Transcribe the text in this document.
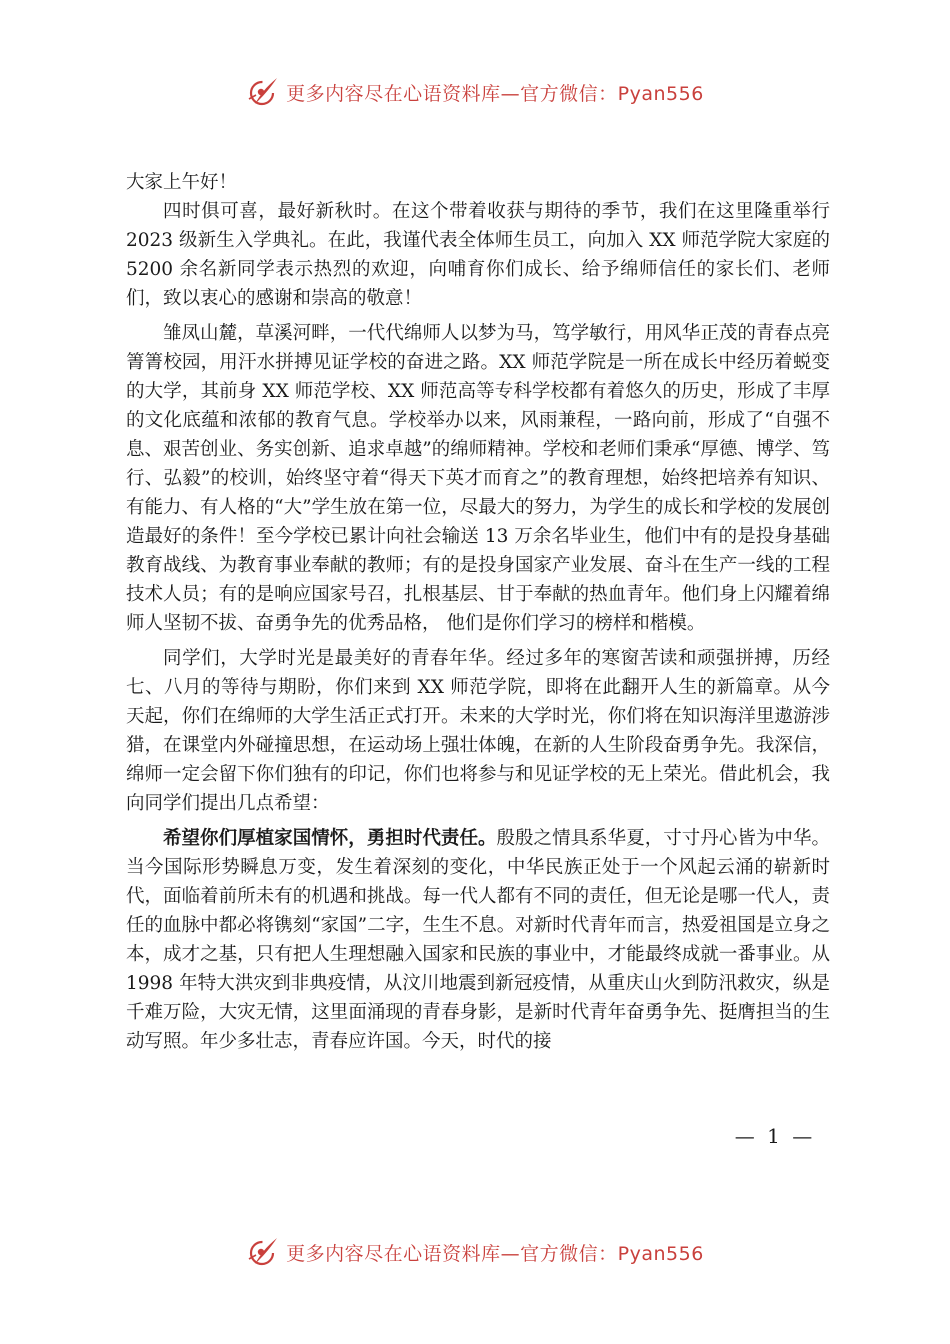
更多内容尽在心语资料库—官方微信：Pyan556

大家上午好！

四时俱可喜，最好新秋时。在这个带着收获与期待的季节，我们在这里隆重举行 2023 级新生入学典礼。在此，我谨代表全体师生员工，向加入 XX 师范学院大家庭的 5200 余名新同学表示热烈的欢迎，向哺育你们成长、给予绵师信任的家长们、老师们，致以衷心的感谢和崇高的敬意！

雏凤山麓，草溪河畔，一代代绵师人以梦为马，笃学敏行，用风华正茂的青春点亮箐箐校园，用汗水拼搏见证学校的奋进之路。XX 师范学院是一所在成长中经历着蜕变的大学，其前身 XX 师范学校、XX 师范高等专科学校都有着悠久的历史，形成了丰厚的文化底蕴和浓郁的教育气息。学校举办以来，风雨兼程，一路向前，形成了“自强不息、艰苦创业、务实创新、追求卓越”的绵师精神。学校和老师们秉承“厚德、博学、笃行、弘毅”的校训，始终坚守着“得天下英才而育之”的教育理想，始终把培养有知识、有能力、有人格的“大”学生放在第一位，尽最大的努力，为学生的成长和学校的发展创造最好的条件！至今学校已累计向社会输送 13 万余名毕业生，他们中有的是投身基础教育战线、为教育事业奉献的教师；有的是投身国家产业发展、奋斗在生产一线的工程技术人员；有的是响应国家号召，扎根基层、甘于奉献的热血青年。他们身上闪耀着绵师人坚韧不拔、奋勇争先的优秀品格， 他们是你们学习的榜样和楷模。

同学们，大学时光是最美好的青春年华。经过多年的寒窗苦读和顽强拼搏，历经七、八月的等待与期盼，你们来到 XX 师范学院，即将在此翻开人生的新篇章。从今天起，你们在绵师的大学生活正式打开。未来的大学时光，你们将在知识海洋里遨游涉猎，在课堂内外碰撞思想，在运动场上强壮体魄，在新的人生阶段奋勇争先。我深信，绵师一定会留下你们独有的印记，你们也将参与和见证学校的无上荣光。借此机会，我向同学们提出几点希望：

希望你们厚植家国情怀，勇担时代责任。殷殷之情具系华夏，寸寸丹心皆为中华。当今国际形势瞬息万变，发生着深刻的变化，中华民族正处于一个风起云涌的崭新时代，面临着前所未有的机遇和挑战。每一代人都有不同的责任，但无论是哪一代人，责任的血脉中都必将镌刻“家国”二字，生生不息。对新时代青年而言，热爱祖国是立身之本，成才之基，只有把人生理想融入国家和民族的事业中，才能最终成就一番事业。从 1998 年特大洪灾到非典疫情，从汶川地震到新冠疫情，从重庆山火到防汛救灾，纵是千难万险，大灾无情，这里面涌现的青春身影，是新时代青年奋勇争先、挺膺担当的生动写照。年少多壮志，青春应许国。今天，时代的接

— 1 —
更多内容尽在心语资料库—官方微信：Pyan556
